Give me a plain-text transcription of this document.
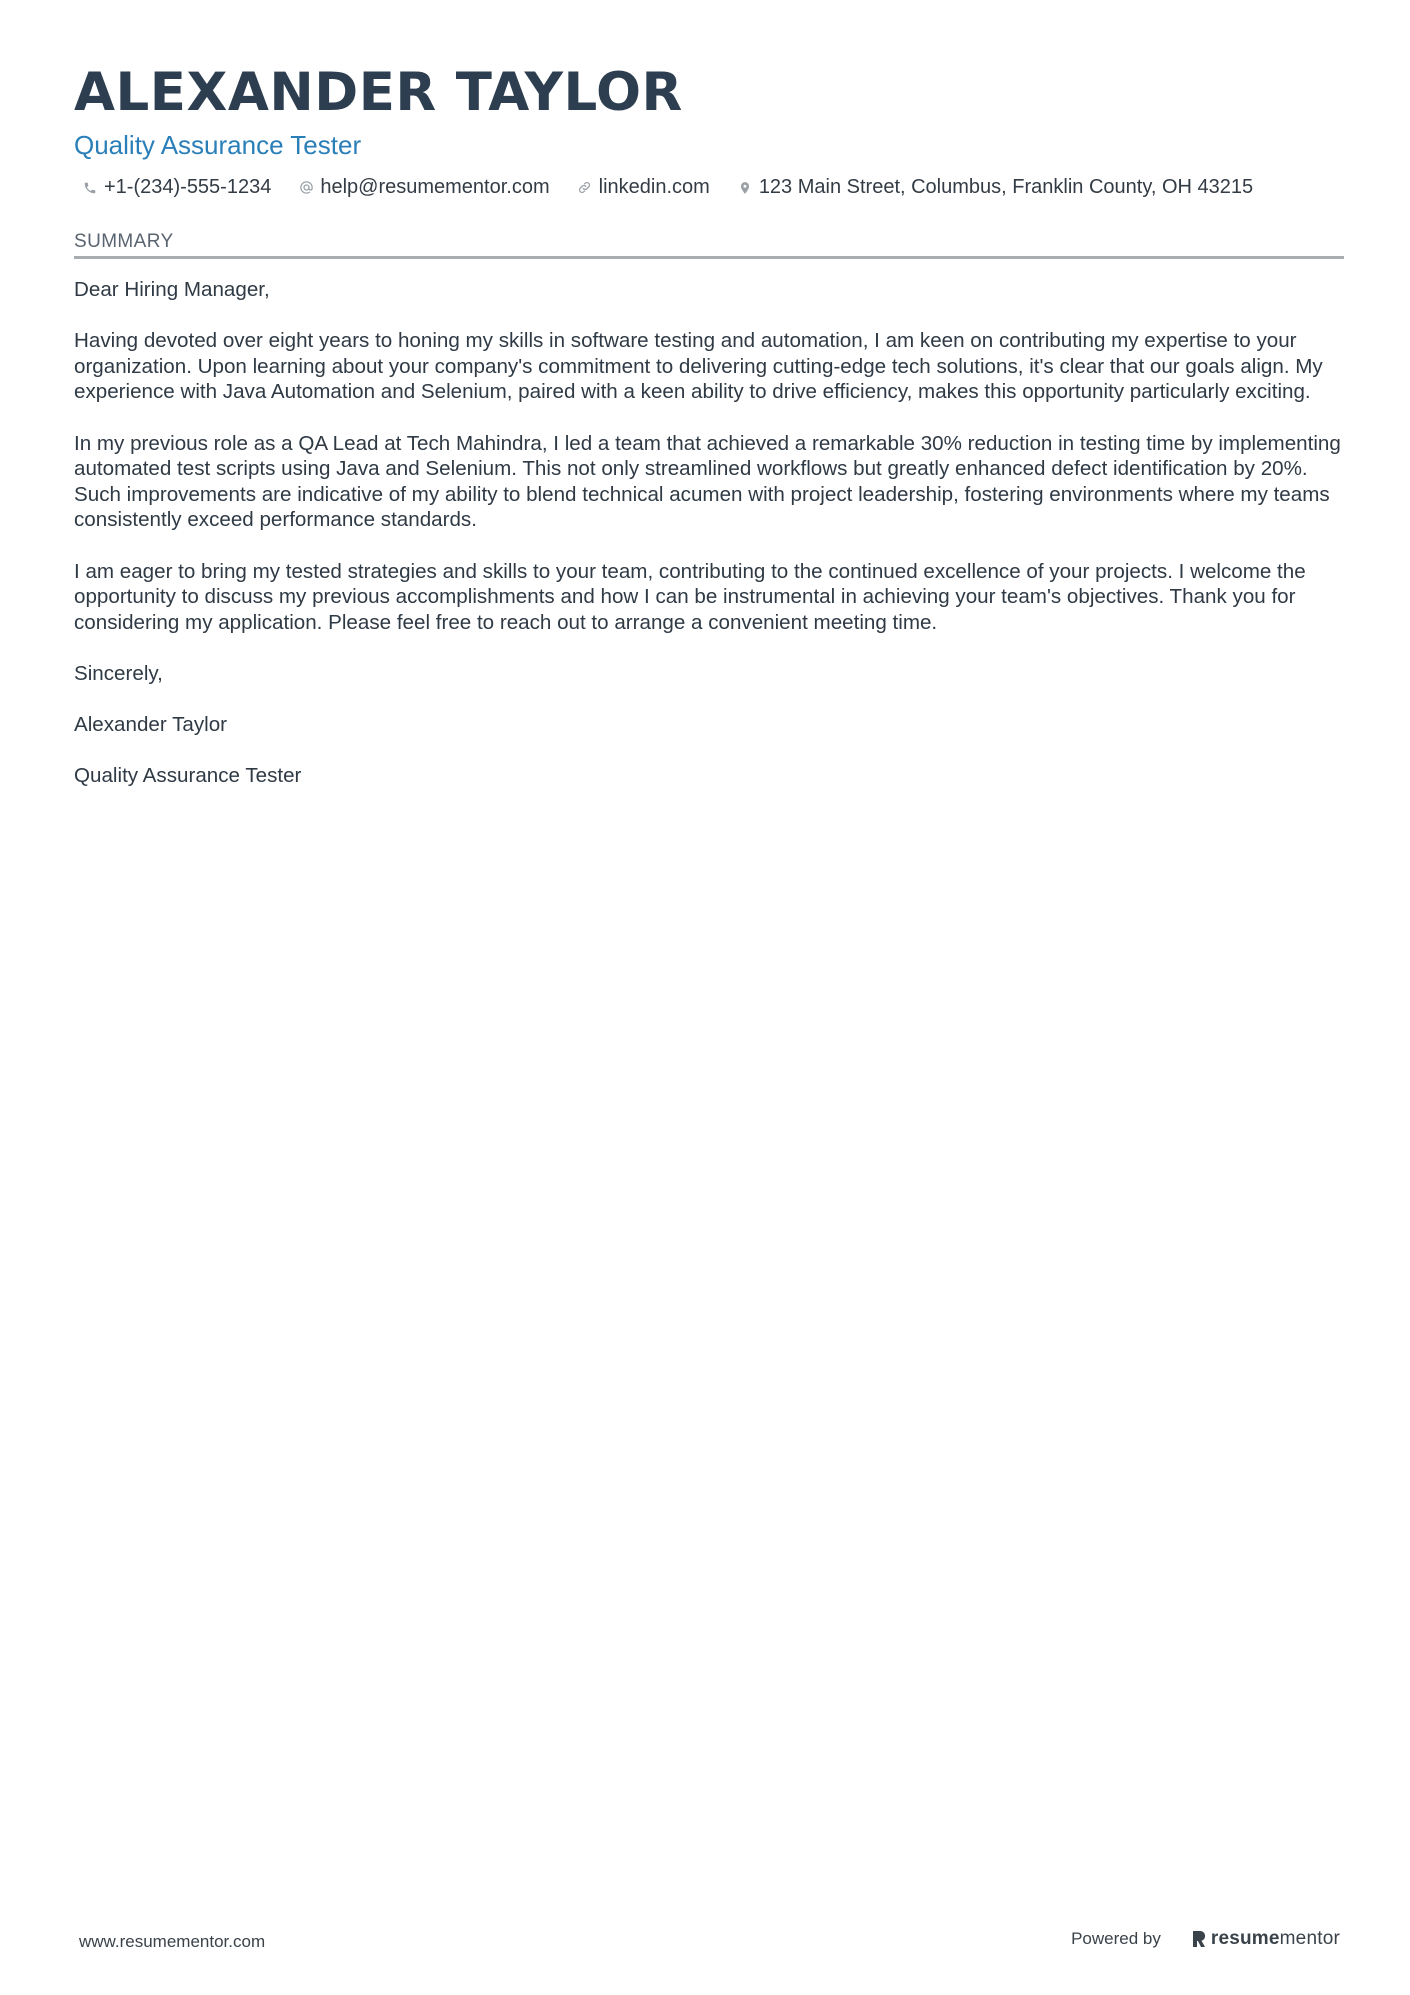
ALEXANDER TAYLOR
Quality Assurance Tester
+1-(234)-555-1234 help@resumementor.com linkedin.com 123 Main Street, Columbus, Franklin County, OH 43215
SUMMARY

Dear Hiring Manager,

Having devoted over eight years to honing my skills in software testing and automation, I am keen on contributing my expertise to your organization. Upon learning about your company's commitment to delivering cutting-edge tech solutions, it's clear that our goals align. My experience with Java Automation and Selenium, paired with a keen ability to drive efficiency, makes this opportunity particularly exciting.

In my previous role as a QA Lead at Tech Mahindra, I led a team that achieved a remarkable 30% reduction in testing time by implementing automated test scripts using Java and Selenium. This not only streamlined workflows but greatly enhanced defect identification by 20%. Such improvements are indicative of my ability to blend technical acumen with project leadership, fostering environments where my teams consistently exceed performance standards.

I am eager to bring my tested strategies and skills to your team, contributing to the continued excellence of your projects. I welcome the opportunity to discuss my previous accomplishments and how I can be instrumental in achieving your team's objectives. Thank you for considering my application. Please feel free to reach out to arrange a convenient meeting time.

Sincerely,

Alexander Taylor

Quality Assurance Tester

www.resumementor.com	Powered by	resumementor
